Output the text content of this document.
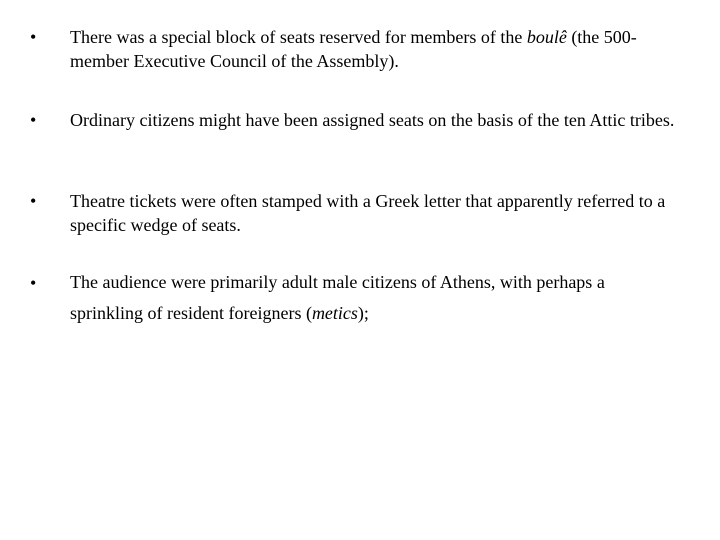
•	There was a special block of seats reserved for members of the boulê (the 500-member Executive Council of the Assembly).
•	Ordinary citizens might have been assigned seats on the basis of the ten Attic tribes.
•	Theatre tickets were often stamped with a Greek letter that apparently referred to a specific wedge of seats.
•	The audience were primarily adult male citizens of Athens, with perhaps a sprinkling of resident foreigners (metics);
